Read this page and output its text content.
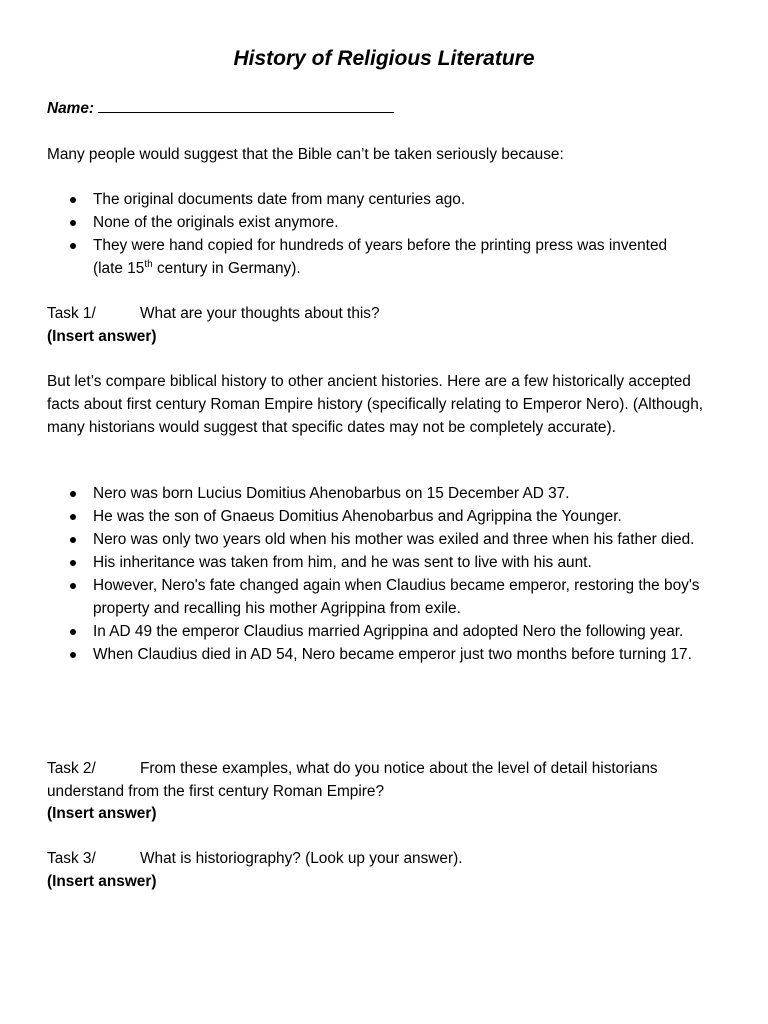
History of Religious Literature
Name:
Many people would suggest that the Bible can’t be taken seriously because:
The original documents date from many centuries ago.
None of the originals exist anymore.
They were hand copied for hundreds of years before the printing press was invented
(late 15th century in Germany).
Task 1/	What are your thoughts about this?
(Insert answer)
But let’s compare biblical history to other ancient histories. Here are a few historically accepted facts about first century Roman Empire history (specifically relating to Emperor Nero). (Although, many historians would suggest that specific dates may not be completely accurate).
Nero was born Lucius Domitius Ahenobarbus on 15 December AD 37.
He was the son of Gnaeus Domitius Ahenobarbus and Agrippina the Younger.
Nero was only two years old when his mother was exiled and three when his father died.
His inheritance was taken from him, and he was sent to live with his aunt.
However, Nero's fate changed again when Claudius became emperor, restoring the boy's property and recalling his mother Agrippina from exile.
In AD 49 the emperor Claudius married Agrippina and adopted Nero the following year.
When Claudius died in AD 54, Nero became emperor just two months before turning 17.
Task 2/	From these examples, what do you notice about the level of detail historians understand from the first century Roman Empire?
(Insert answer)
Task 3/	What is historiography? (Look up your answer).
(Insert answer)
